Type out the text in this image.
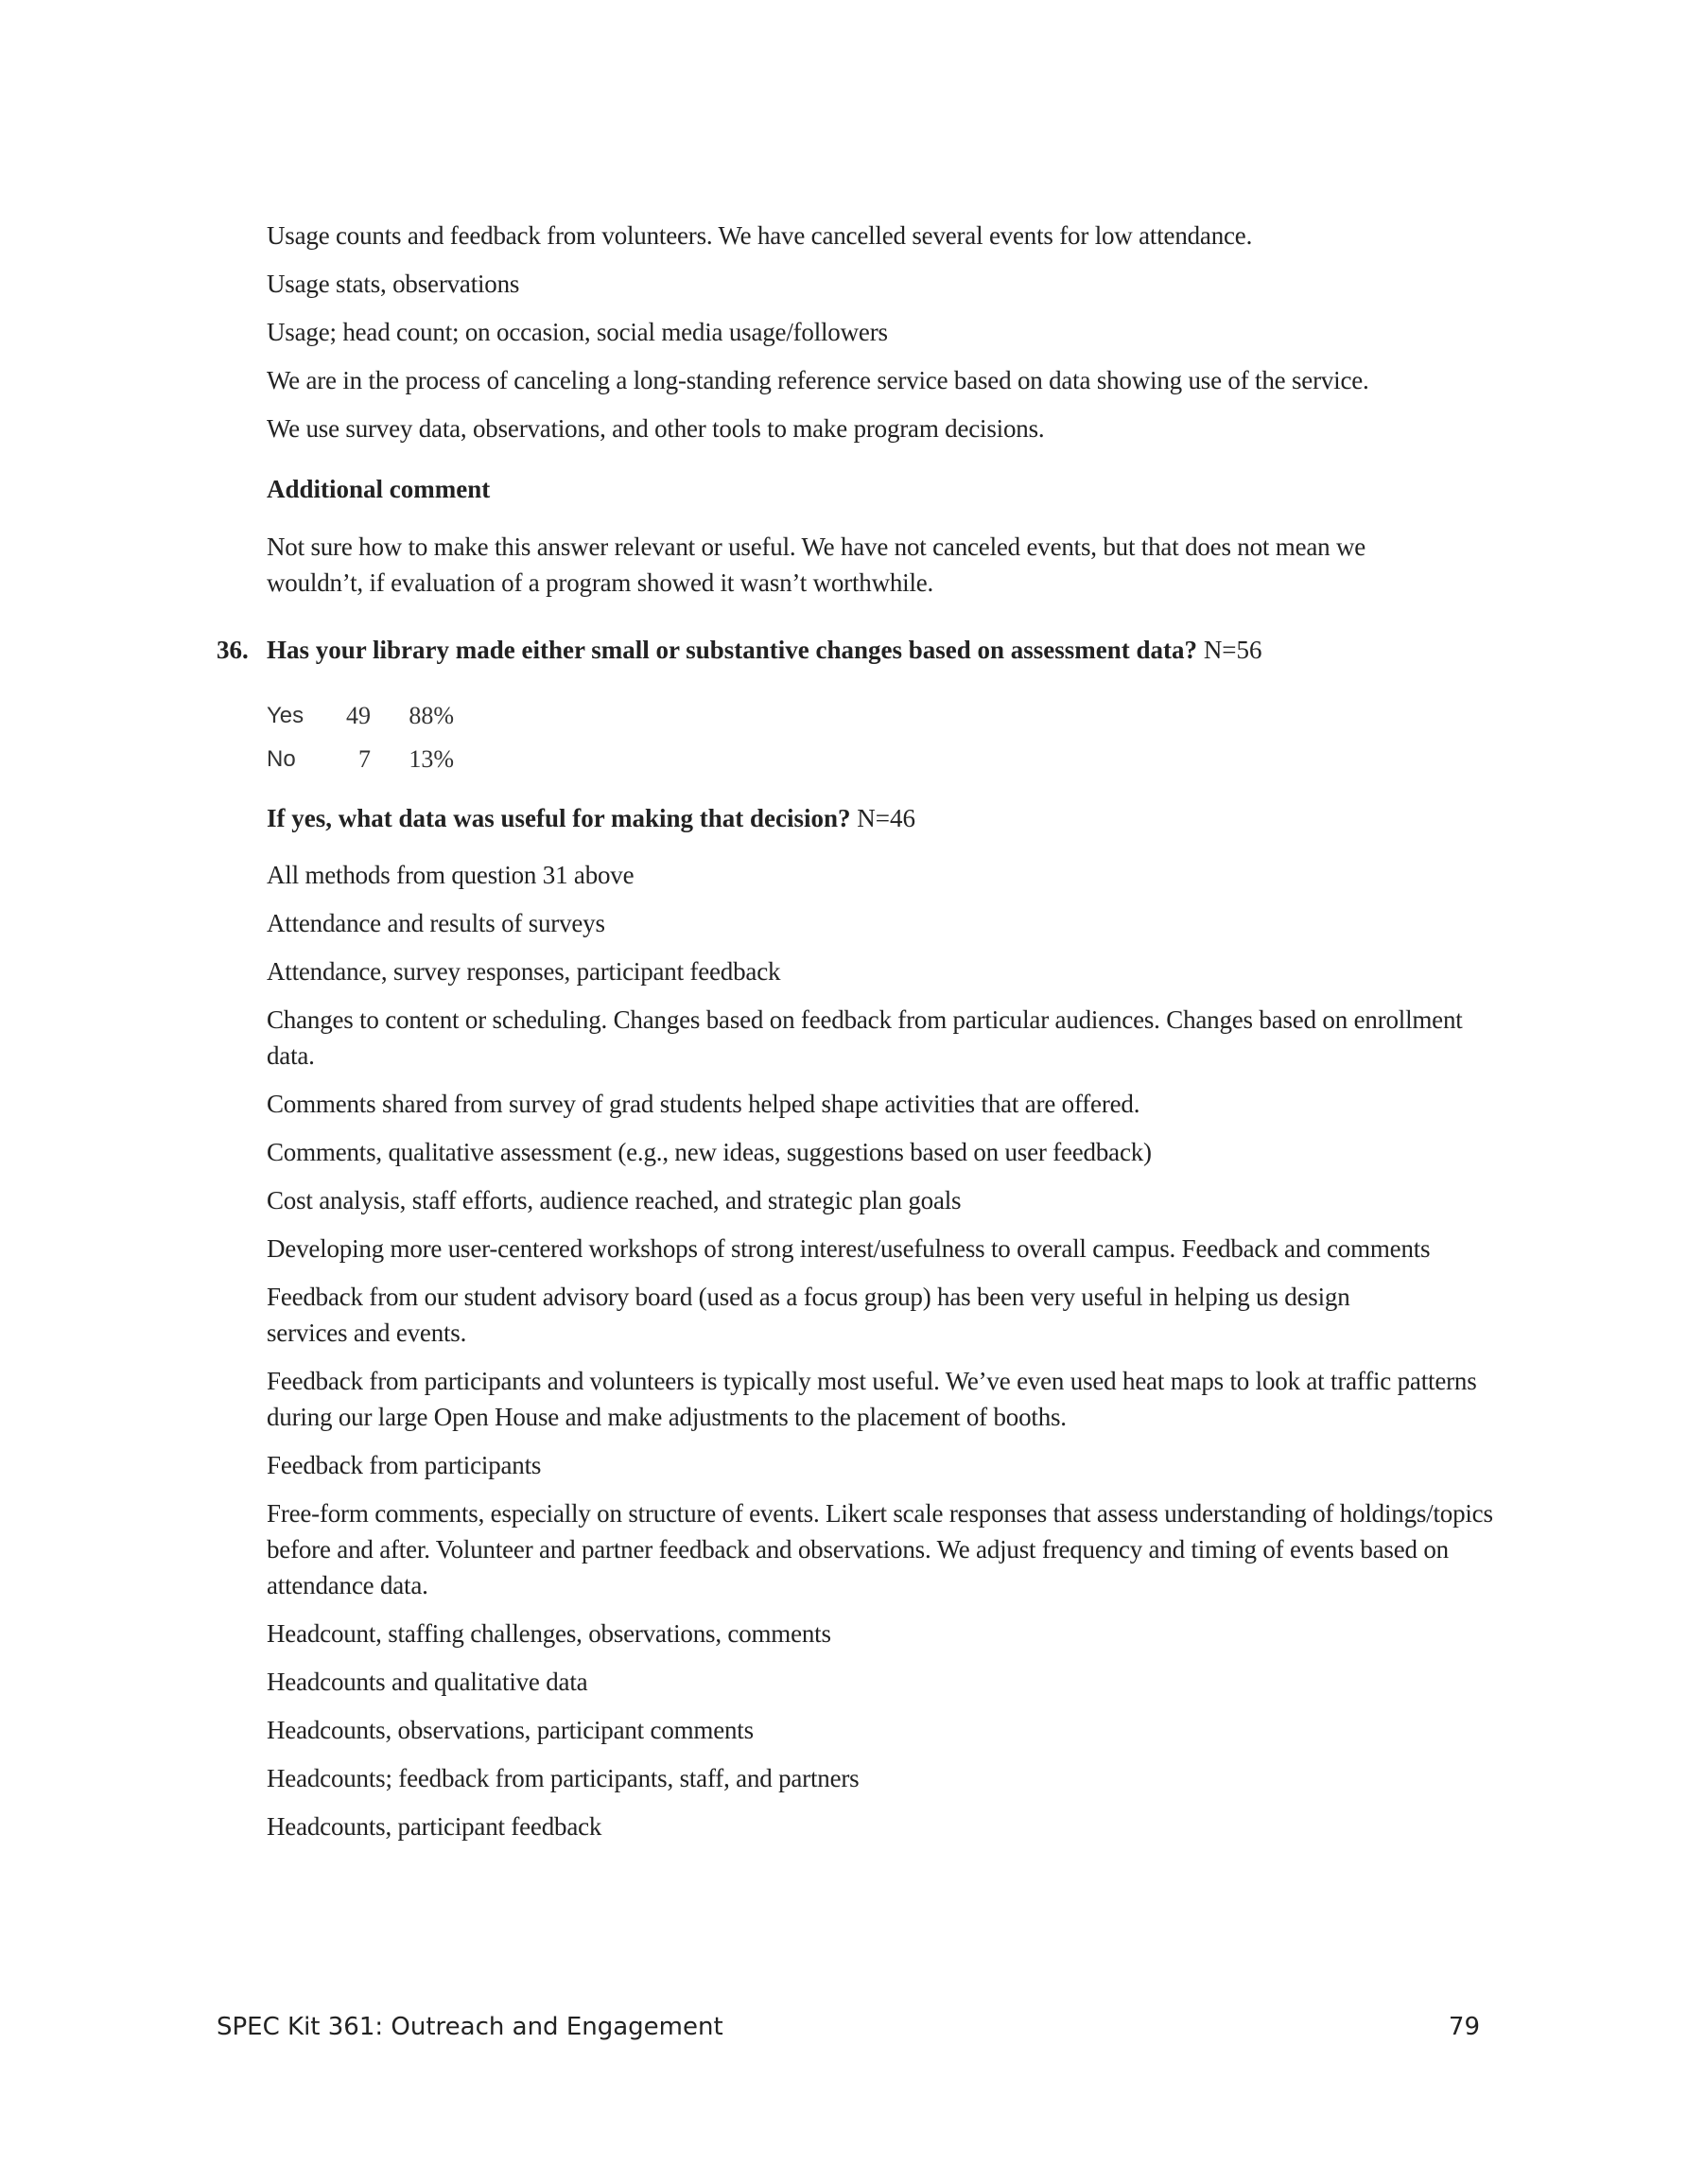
Usage counts and feedback from volunteers. We have cancelled several events for low attendance.

Usage stats, observations

Usage; head count; on occasion, social media usage/followers

We are in the process of canceling a long-standing reference service based on data showing use of the service.

We use survey data, observations, and other tools to make program decisions.

Additional comment

Not sure how to make this answer relevant or useful. We have not canceled events, but that does not mean we wouldn’t, if evaluation of a program showed it wasn’t worthwhile.

36. Has your library made either small or substantive changes based on assessment data? N=56
Yes	49	88%
No	7	13%
If yes, what data was useful for making that decision? N=46

All methods from question 31 above

Attendance and results of surveys

Attendance, survey responses, participant feedback

Changes to content or scheduling. Changes based on feedback from particular audiences. Changes based on enrollment data.

Comments shared from survey of grad students helped shape activities that are offered.

Comments, qualitative assessment (e.g., new ideas, suggestions based on user feedback)

Cost analysis, staff efforts, audience reached, and strategic plan goals

Developing more user-centered workshops of strong interest/usefulness to overall campus. Feedback and comments

Feedback from our student advisory board (used as a focus group) has been very useful in helping us design services and events.

Feedback from participants and volunteers is typically most useful. We’ve even used heat maps to look at traffic patterns during our large Open House and make adjustments to the placement of booths.

Feedback from participants

Free-form comments, especially on structure of events. Likert scale responses that assess understanding of holdings/topics before and after. Volunteer and partner feedback and observations. We adjust frequency and timing of events based on attendance data.

Headcount, staffing challenges, observations, comments

Headcounts and qualitative data

Headcounts, observations, participant comments

Headcounts; feedback from participants, staff, and partners

Headcounts, participant feedback

SPEC Kit 361: Outreach and Engagement	79
